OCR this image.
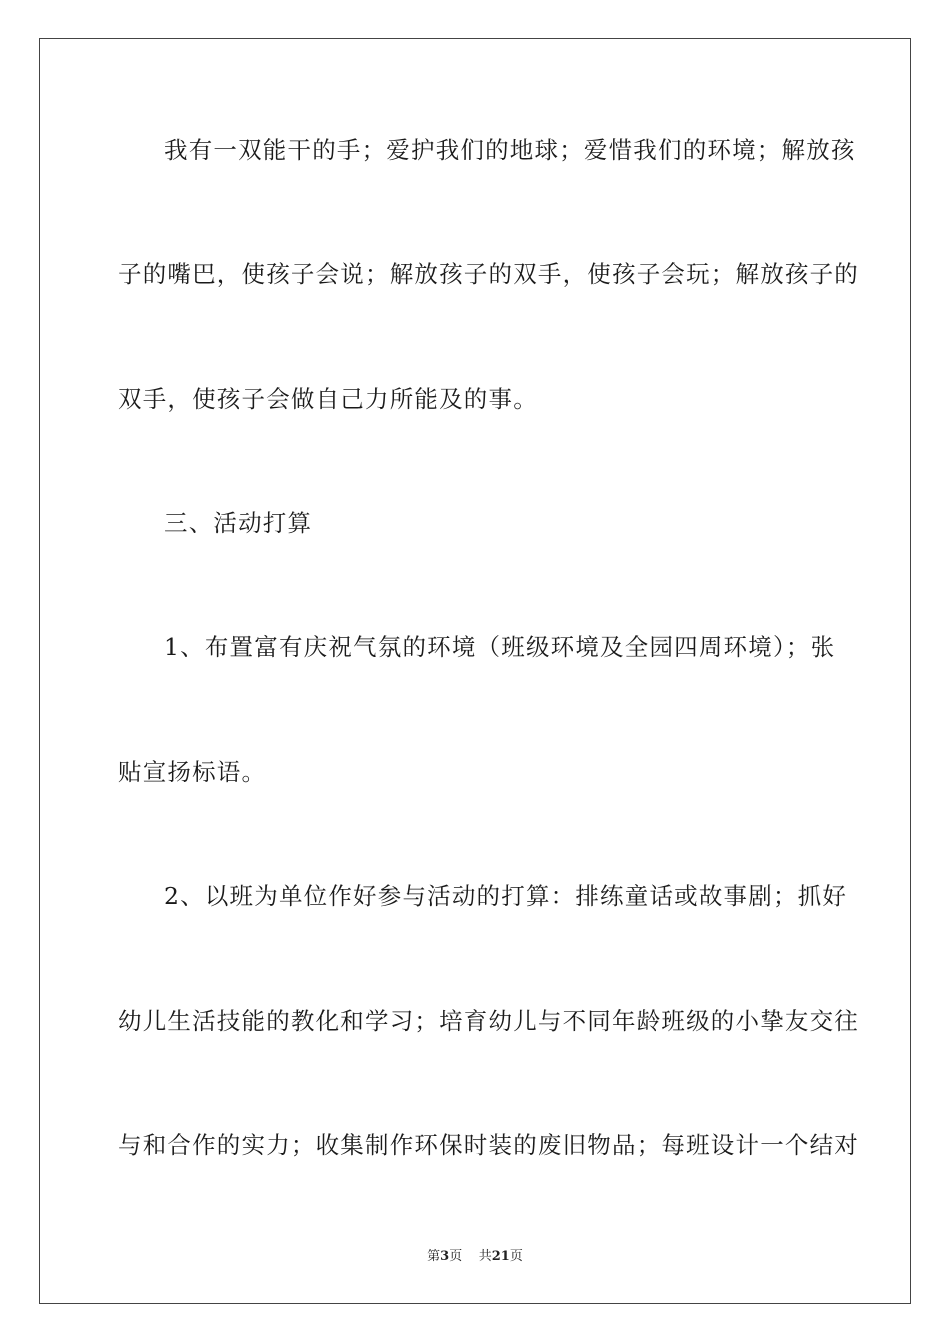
我有一双能干的手；爱护我们的地球；爱惜我们的环境；解放孩
子的嘴巴，使孩子会说；解放孩子的双手，使孩子会玩；解放孩子的
双手，使孩子会做自己力所能及的事。
三、活动打算
1、布置富有庆祝气氛的环境（班级环境及全园四周环境）；张
贴宣扬标语。
2、以班为单位作好参与活动的打算：排练童话或故事剧；抓好
幼儿生活技能的教化和学习；培育幼儿与不同年龄班级的小挚友交往
与和合作的实力；收集制作环保时装的废旧物品；每班设计一个结对
第3页 共21页
